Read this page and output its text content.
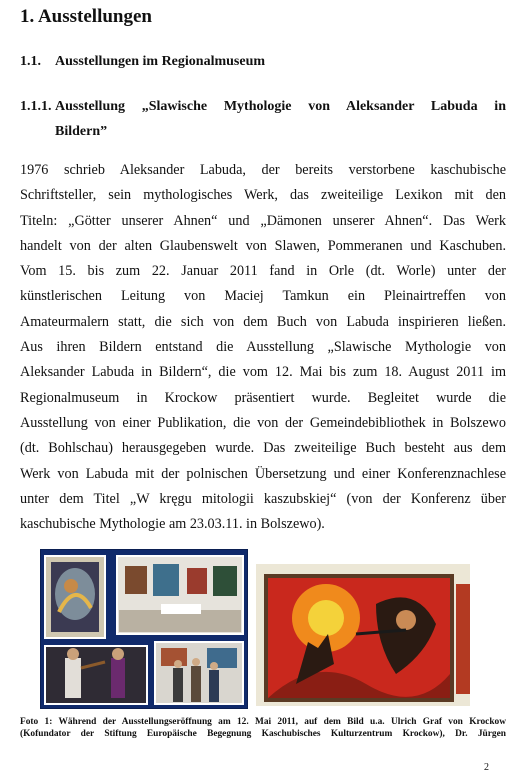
1. Ausstellungen
1.1. Ausstellungen im Regionalmuseum
1.1.1. Ausstellung „Slawische Mythologie von Aleksander Labuda in
Bildern”
1976 schrieb Aleksander Labuda, der bereits verstorbene kaschubische
Schriftsteller, sein mythologisches Werk, das zweiteilige Lexikon mit den
Titeln: „Götter unserer Ahnen“ und „Dämonen unserer Ahnen“. Das Werk
handelt von der alten Glaubenswelt von Slawen, Pommeranen und Kaschuben.
Vom 15. bis zum 22. Januar 2011 fand in Orle (dt. Worle) unter der
künstlerischen Leitung von Maciej Tamkun ein Pleinairtreffen von
Amateurmalern statt, die sich von dem Buch von Labuda inspirieren ließen.
Aus ihren Bildern entstand die Ausstellung „Slawische Mythologie von
Aleksander Labuda in Bildern“, die vom 12. Mai bis zum 18. August 2011 im
Regionalmuseum in Krockow präsentiert wurde. Begleitet wurde die
Ausstellung von einer Publikation, die von der Gemeindebibliothek in Bolszewo
(dt. Bohlschau) herausgegeben wurde. Das zweiteilige Buch besteht aus dem
Werk von Labuda mit der polnischen Übersetzung und einer Konferenznachlese
unter dem Titel „W kręgu mitologii kaszubskiej“ (von der Konferenz über
kaschubische Mythologie am 23.03.11. in Bolszewo).
Foto 1: Während der Ausstellungseröffnung am 12. Mai 2011, auf dem Bild u.a. Ulrich Graf von Krockow
(Kofundator der Stiftung Europäische Begegnung Kaschubisches Kulturzentrum Krockow), Dr. Jürgen
2
